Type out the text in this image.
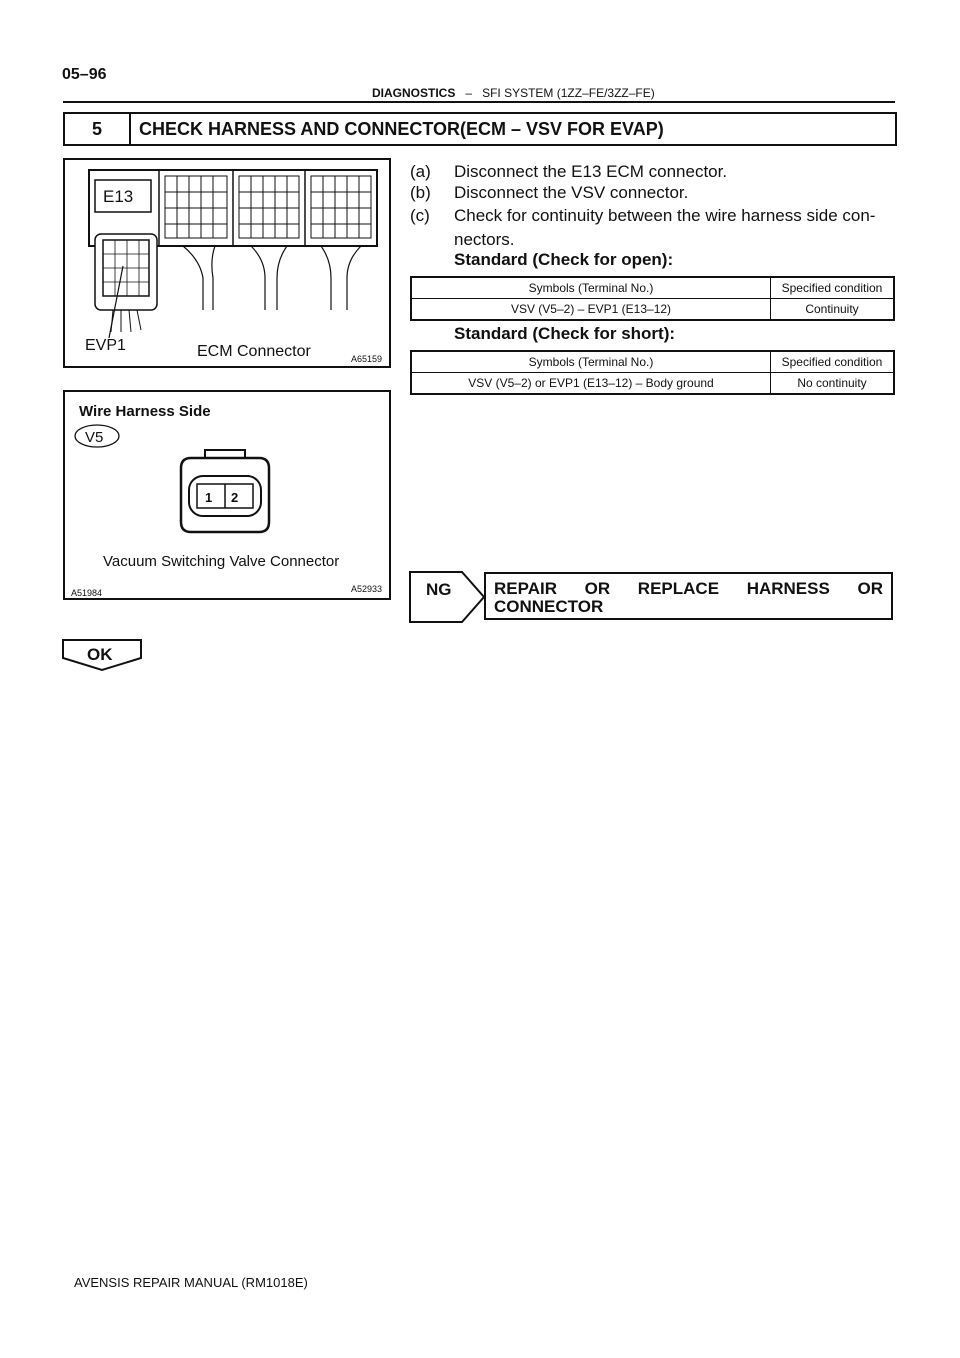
05–96
DIAGNOSTICS – SFI SYSTEM (1ZZ–FE/3ZZ–FE)
5	CHECK HARNESS AND CONNECTOR(ECM – VSV FOR EVAP)
E13
EVP1	ECM Connector	A65159
Wire Harness Side
V5
1 2
Vacuum Switching Valve Connector
A51984	A52933
(a) Disconnect the E13 ECM connector.
(b) Disconnect the VSV connector.
(c) Check for continuity between the wire harness side con-
nectors.
Standard (Check for open):
Symbols (Terminal No.)	Specified condition
VSV (V5–2) – EVP1 (E13–12)	Continuity
Standard (Check for short):
Symbols (Terminal No.)	Specified condition
VSV (V5–2) or EVP1 (E13–12) – Body ground	No continuity
NG	REPAIR OR REPLACE HARNESS OR
CONNECTOR
OK
AVENSIS REPAIR MANUAL (RM1018E)
